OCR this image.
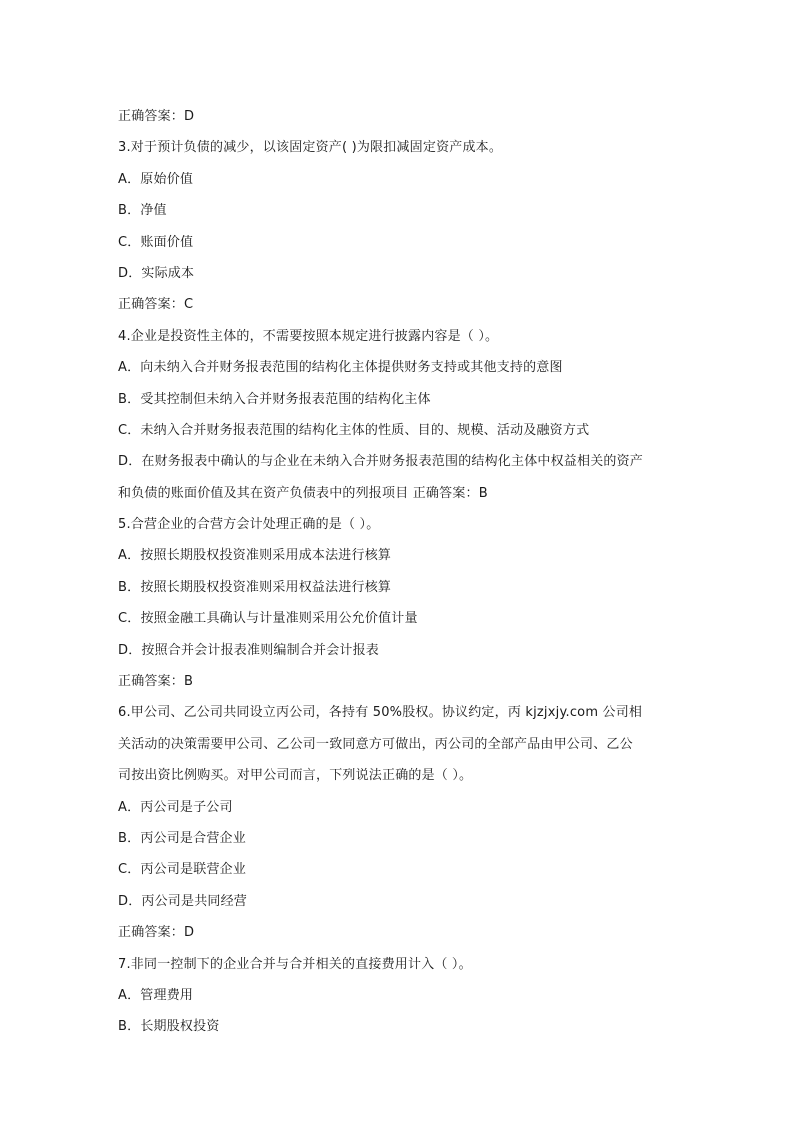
正确答案：D
3.对于预计负债的减少，以该固定资产( )为限扣减固定资产成本。
A．原始价值
B．净值
C．账面价值
D．实际成本
正确答案：C
4.企业是投资性主体的，不需要按照本规定进行披露内容是（ ）。
A．向未纳入合并财务报表范围的结构化主体提供财务支持或其他支持的意图
B．受其控制但未纳入合并财务报表范围的结构化主体
C．未纳入合并财务报表范围的结构化主体的性质、目的、规模、活动及融资方式
D．在财务报表中确认的与企业在未纳入合并财务报表范围的结构化主体中权益相关的资产
和负债的账面价值及其在资产负债表中的列报项目 正确答案：B
5.合营企业的合营方会计处理正确的是（ ）。
A．按照长期股权投资准则采用成本法进行核算
B．按照长期股权投资准则采用权益法进行核算
C．按照金融工具确认与计量准则采用公允价值计量
D．按照合并会计报表准则编制合并会计报表
正确答案：B
6.甲公司、乙公司共同设立丙公司，各持有 50%股权。协议约定，丙 kjzjxjy.com 公司相
关活动的决策需要甲公司、乙公司一致同意方可做出，丙公司的全部产品由甲公司、乙公
司按出资比例购买。对甲公司而言，下列说法正确的是（ ）。
A．丙公司是子公司
B．丙公司是合营企业
C．丙公司是联营企业
D．丙公司是共同经营
正确答案：D
7.非同一控制下的企业合并与合并相关的直接费用计入（ ）。
A．管理费用
B．长期股权投资
